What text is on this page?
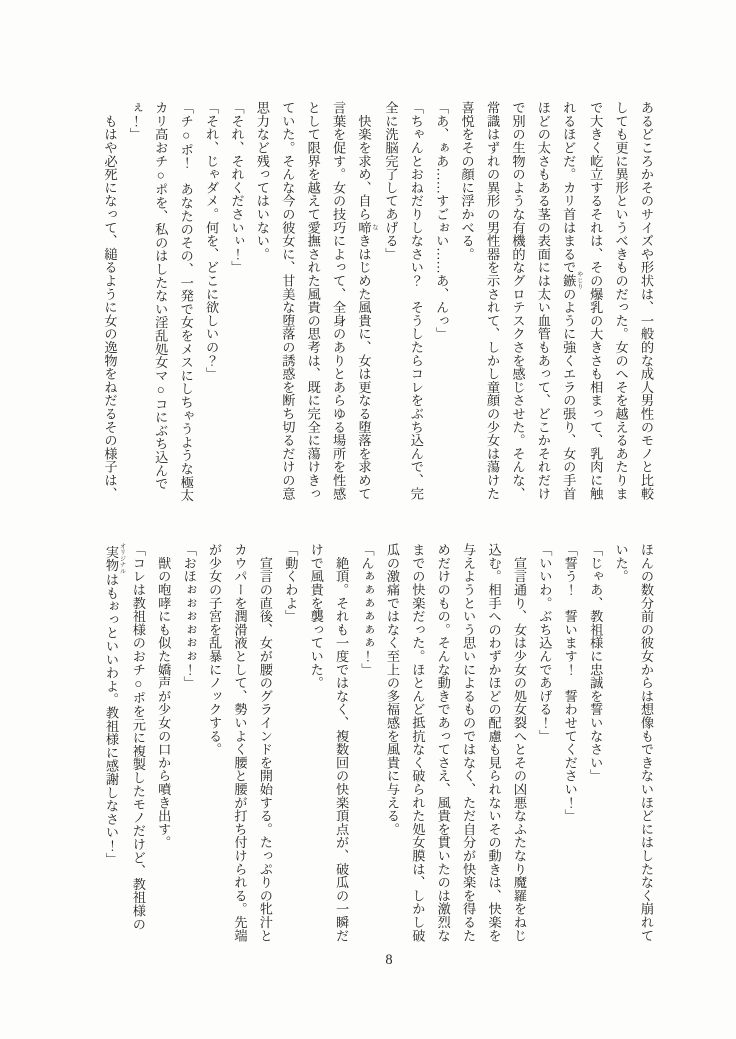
あるどころかそのサイズや形状は、一般的な成人男性のモノと比較
しても更に異形というべきものだった。女のへそを越えるあたりま
で大きく屹立するそれは、その爆乳の大きさも相まって、乳肉に触
れるほどだ。カリ首はまるで鏃 やじりのように強くエラの張り、女の手首
ほどの太さもある茎の表面には太い血管もあって、どこかそれだけ
で別の生物のような有機的なグロテスクさを感じさせた。そんな、
常識はずれの異形の男性器を示されて、しかし童顔の少女は蕩けた
喜悦をその顔に浮かべる。
「あ、ぁあ……すごぉい……あ、んっ」
「ちゃんとおねだりしなさい？　そうしたらコレをぶち込んで、完
全に洗脳完了してあげる」
　快楽を求め、自ら啼 なきはじめた風貴に、女は更なる堕落を求めて
言葉を促す。女の技巧によって、全身のありとあらゆる場所を性感
として限界を越えて愛撫された風貴の思考は、既に完全に蕩けきっ
ていた。そんな今の彼女に、甘美な堕落の誘惑を断ち切るだけの意
思力など残ってはいない。
「それ、それくださいぃ！」
「それ、じゃダメ。何を、どこに欲しいの？」
「チ○ポ！　あなたのその、一発で女をメスにしちゃうような極太
カリ高おチ○ポを、私のはしたない淫乱処女マ○コにぶち込んで
ぇ！」
　もはや必死になって、縋るように女の逸物をねだるその様子は、
ほんの数分前の彼女からは想像もできないほどにはしたなく崩れて
いた。
「じゃあ、教祖様に忠誠を誓いなさい」
「誓う！　誓います！　誓わせてください！」
「いいわ。ぶち込んであげる！」
　宣言通り、女は少女の処女裂へとその凶悪なふたなり魔羅をねじ
込む。相手へのわずかほどの配慮も見られないその動きは、快楽を
与えようという思いによるものではなく、ただ自分が快楽を得るた
めだけのもの。そんな動きであってさえ、風貴を貫いたのは激烈な
までの快楽だった。ほとんど抵抗なく破られた処女膜は、しかし破
瓜の激痛ではなく至上の多福感を風貴に与える。
「んぁぁぁぁぁぁ！」
　絶頂。それも一度ではなく、複数回の快楽頂点が、破瓜の一瞬だ
けで風貴を襲っていた。
「動くわよ」
　宣言の直後、女が腰のグラインドを開始する。たっぷりの牝汁と
カウパーを潤滑液として、勢いよく腰と腰が打ち付けられる。先端
が少女の子宮を乱暴にノックする。
「おほぉぉぉぉぉぉ！」
　獣の咆哮にも似た嬌声が少女の口から噴き出す。
「コレは教祖様のおチ○ポを元に複製したモノだけど、教祖様の
実物 オリジナルはもぉっといいわよ。教祖様に感謝しなさい！」
8
